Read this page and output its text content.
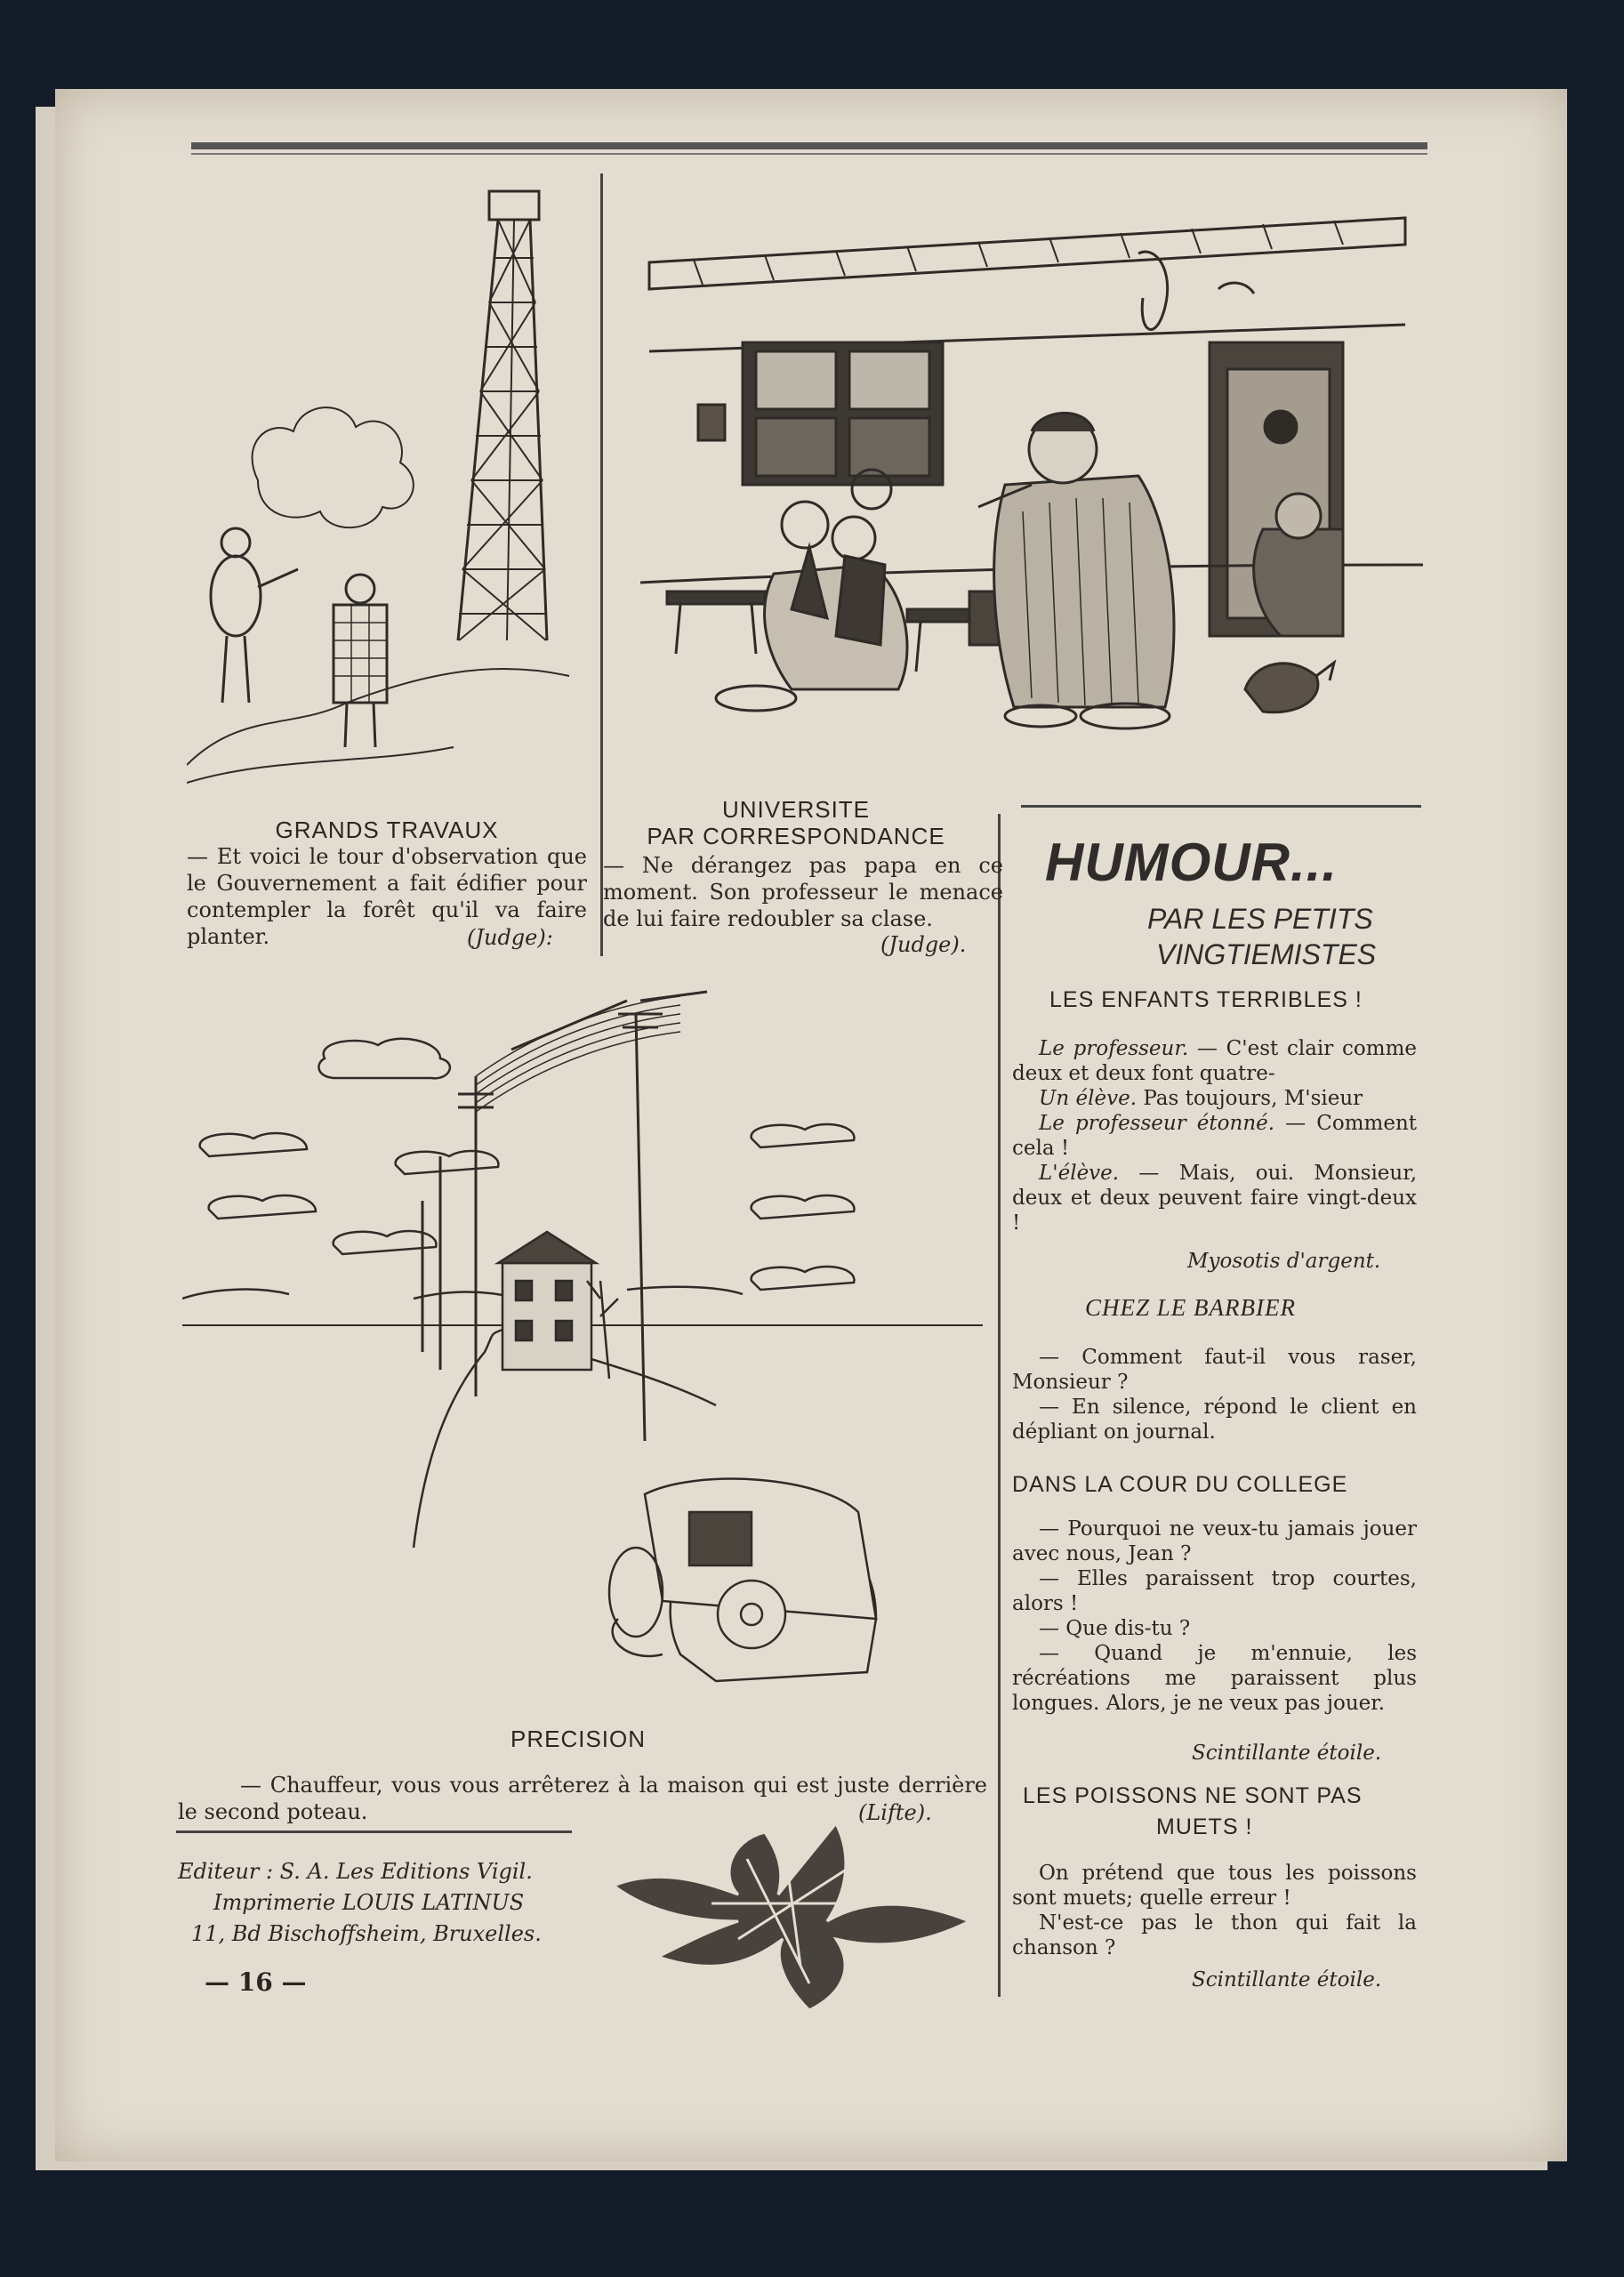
GRANDS TRAVAUX
— Et voici le tour d'observation que le Gouvernement a fait édifier pour contempler la forêt qu'il va faire planter.	(Judge):
UNIVERSITE
PAR CORRESPONDANCE
— Ne dérangez pas papa en ce moment. Son professeur le menace de lui faire redoubler sa clase.
(Judge).
PRECISION
— Chauffeur, vous vous arrêterez à la maison qui est juste derrière le second poteau.	(Lifte).
Editeur : S. A. Les Editions Vigil.
Imprimerie LOUIS LATINUS
11, Bd Bischoffsheim, Bruxelles.
— 16 —
HUMOUR...
PAR LES PETITS
VINGTIEMISTES
LES ENFANTS TERRIBLES !
Le professeur. — C'est clair comme deux et deux font quatre-
Un élève. Pas toujours, M'sieur
Le professeur étonné. — Comment cela !
L'élève. — Mais, oui. Monsieur, deux et deux peuvent faire vingt-deux !
Myosotis d'argent.
CHEZ LE BARBIER
— Comment faut-il vous raser, Monsieur ?
— En silence, répond le client en dépliant on journal.
DANS LA COUR DU COLLEGE
— Pourquoi ne veux-tu jamais jouer avec nous, Jean ?
— Elles paraissent trop courtes, alors !
— Que dis-tu ?
— Quand je m'ennuie, les récréations me paraissent plus longues. Alors, je ne veux pas jouer.
Scintillante étoile.
LES POISSONS NE SONT PAS
MUETS !
On prétend que tous les poissons sont muets; quelle erreur !
N'est-ce pas le thon qui fait la chanson ?
Scintillante étoile.
